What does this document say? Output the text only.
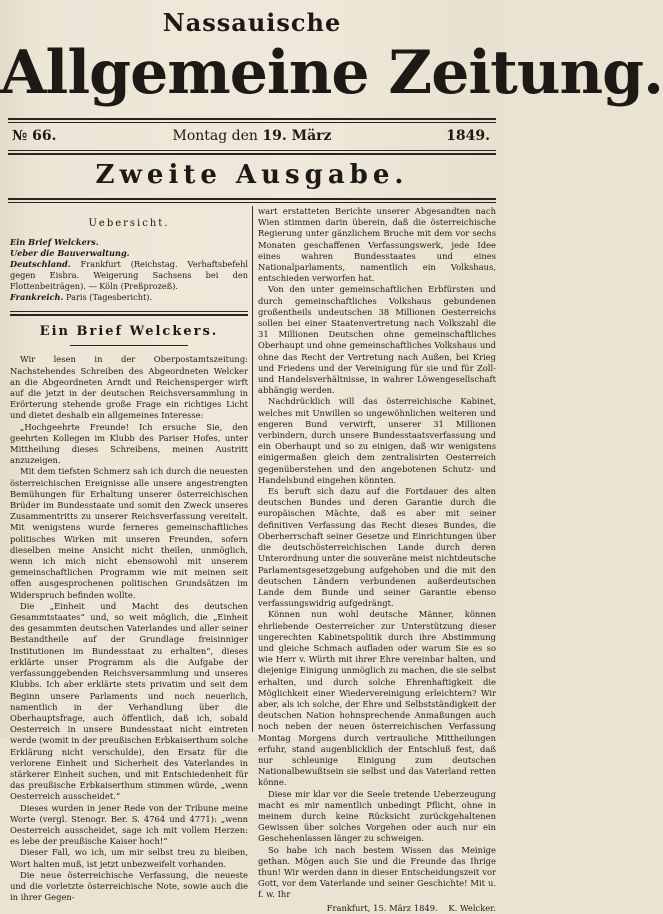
Nassauische
Allgemeine Zeitung.
№ 66.	Montag den 19. März	1849.
Zweite Ausgabe.
Uebersicht.

Ein Brief Welckers.

Ueber die Bauverwaltung.

Deutschland. Frankfurt (Reichstag. Verhaftsbefehl gegen Eisbra. Weigerung Sachsens bei den Flottenbeiträgen). — Köln (Preßprozeß).

Frankreich. Paris (Tagesbericht).

Ein Brief Welckers.

Wir lesen in der Oberpostamtszeitung: Nachstehendes Schreiben des Abgeordneten Welcker an die Abgeordneten Arndt und Reichensperger wirft auf die jetzt in der deutschen Reichsversammlung in Erörterung stehende große Frage ein richtiges Licht und dietet deshalb ein allgemeines Interesse:

„Hochgeehrte Freunde! Ich ersuche Sie, den geehrten Kollegen im Klubb des Pariser Hofes, unter Mittheilung dieses Schreibens, meinen Austritt anzuzeigen.

Mit dem tiefsten Schmerz sah ich durch die neuesten österreichischen Ereignisse alle unsere angestrengten Bemühungen für Erhaltung unserer österreichischen Brüder im Bundesstaate und somit den Zweck unseres Zusammentritts zu unserer Reichsverfassung vereitelt. Mit wenigstens wurde ferneres gemeinschaftliches politisches Wirken mit unseren Freunden, sofern dieselben meine Ansicht nicht theilen, unmöglich, wenn ich mich nicht ebensowohl mit unserem gemeinschaftlichen Programm wie mit meinen seit offen ausgesprochenen politischen Grundsätzen im Widerspruch befinden wollte.

Die „Einheit und Macht des deutschen Gesammtstaates“ und, so weit möglich, die „Einheit des gesammten deutschen Vaterlandes und aller seiner Bestandtheile auf der Grundlage freisinniger Institutionen im Bundesstaat zu erhalten“, dieses erklärte unser Programm als die Aufgabe der verfassunggebenden Reichsversammlung und unseres Klubbs. Ich aber erklärte stets privatim und seit dem Beginn unsere Parlaments und noch neuerlich, namentlich in der Verhandlung über die Oberhauptsfrage, auch öffentlich, daß ich, sobald Oesterreich in unsere Bundesstaat nicht eintreten werde (womit in der preußischen Erbkaiserthum solche Erklärung nicht verschulde), den Ersatz für die verlorene Einheit und Sicherheit des Vaterlandes in stärkerer Einheit suchen, und mit Entschiedenheit für das preußische Erbkaiserthum stimmen würde, „wenn Oesterreich ausscheidet.“

Dieses wurden in jener Rede von der Tribune meine Worte (vergl. Stenogr. Ber. S. 4764 und 4771): „wenn Oesterreich ausscheidet, sage ich mit vollem Herzen: es lebe der preußische Kaiser hoch!“

Dieser Fall, wo ich, um mir selbst treu zu bleiben, Wort halten muß, ist jetzt unbezweifelt vorhanden.

Die neue österreichische Verfassung, die neueste und die vorletzte österreichische Note, sowie auch die in ihrer Gegen-

wart erstatteten Berichte unserer Abgesandten nach Wien stimmen darin überein, daß die österreichische Regierung unter gänzlichem Bruche mit dem vor sechs Monaten geschaffenen Verfassungswerk, jede Idee eines wahren Bundesstaates und eines Nationalparlaments, namentlich ein Volkshaus, entschieden verworfen hat.

Von den unter gemeinschaftlichen Erbfürsten und durch gemeinschaftliches Volkshaus gebundenen großentheils undeutschen 38 Millionen Oesterreichs sollen bei einer Staatenvertretung nach Volkszahl die 31 Millionen Deutschen ohne gemeinschaftliches Oberhaupt und ohne gemeinschaftliches Volkshaus und ohne das Recht der Vertretung nach Außen, bei Krieg und Friedens und der Vereinigung für sie und für Zoll- und Handelsverhältnisse, in wahrer Löwengesellschaft abhängig werden.

Nachdrücklich will das österreichische Kabinet, welches mit Unwillen so ungewöhnlichen weiteren und engeren Bund verwirft, unserer 31 Millionen verbindern, durch unsere Bundesstaatsverfassung und ein Oberhaupt und so zu einigen, daß wir wenigstens einigermaßen gleich dem zentralisirten Oesterreich gegenüberstehen und den angebotenen Schutz- und Handelsbund eingehen könnten.

Es beruft sich dazu auf die Fortdauer des alten deutschen Bundes und deren Garantie durch die europäischen Mächte, daß es aber mit seiner definitiven Verfassung das Recht dieses Bundes, die Oberherrschaft seiner Gesetze und Einrichtungen über die deutschösterreichischen Lande durch deren Unterordnung unter die souveräne meist nichtdeutsche Parlamentsgesetzgebung aufgehoben und die mit den deutschen Ländern verbundenen außerdeutschen Lande dem Bunde und seiner Garantie ebenso verfassungswidrig aufgedrängt.

Können nun wohl deutsche Männer, können ehrliebende Oesterreicher zur Unterstützung dieser ungerechten Kabinetspolitik durch ihre Abstimmung und gleiche Schmach aufladen oder warum Sie es so wie Herr v. Würth mit ihrer Ehre vereinbar halten, und diejenige Einigung unmöglich zu machen, die sie selbst erhalten, und durch solche Ehrenhaftigkeit die Möglichkeit einer Wiedervereinigung erleichtern? Wir aber, als ich solche, der Ehre und Selbstständigkeit der deutschen Nation hohnsprechende Anmaßungen auch noch neben der neuen österreichischen Verfassung Montag Morgens durch vertrauliche Mittheilungen erfuhr, stand augenblicklich der Entschluß fest, daß nur schleunige Einigung zum deutschen Nationalbewußtsein sie selbst und das Vaterland retten könne.

Diese mir klar vor die Seele tretende Ueberzeugung macht es mir namentlich unbedingt Pflicht, ohne in meinem durch keine Rücksicht zurückgehaltenen Gewissen über solches Vorgehen oder auch nur ein Geschehenlassen länger zu schweigen.

So habe ich nach bestem Wissen das Meinige gethan. Mögen auch Sie und die Freunde das Ihrige thun! Wir werden dann in dieser Entscheidungszeit vor Gott, vor dem Vaterlande und seiner Geschichte! Mit u. f. w. Ihr

Frankfurt, 15. März 1849. K. Welcker.
